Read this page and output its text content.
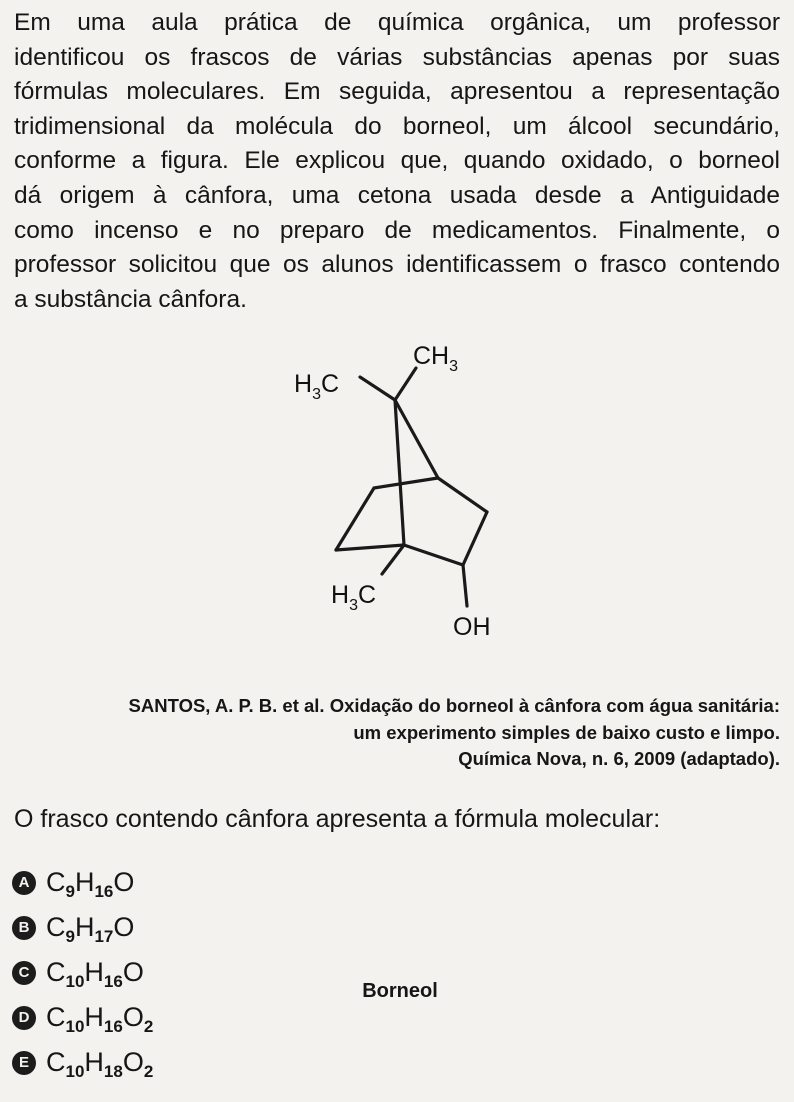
Em uma aula prática de química orgânica, um professor
identificou os frascos de várias substâncias apenas por suas
fórmulas moleculares. Em seguida, apresentou a representação
tridimensional da molécula do borneol, um álcool secundário,
conforme a figura. Ele explicou que, quando oxidado, o borneol
dá origem à cânfora, uma cetona usada desde a Antiguidade
como incenso e no preparo de medicamentos. Finalmente, o
professor solicitou que os alunos identificassem o frasco contendo
a substância cânfora.
$CH_3$
$H_3C$
$H_3C$
OH
Borneol
SANTOS, A. P. B. et al. Oxidação do borneol à cânfora com água sanitária:
um experimento simples de baixo custo e limpo.
Química Nova, n. 6, 2009 (adaptado).
O frasco contendo cânfora apresenta a fórmula molecular:
A $C_9H_{16}O$
B $C_9H_{17}O$
C $C_{10}H_{16}O$
D $C_{10}H_{16}O_2$
E $C_{10}H_{18}O_2$
